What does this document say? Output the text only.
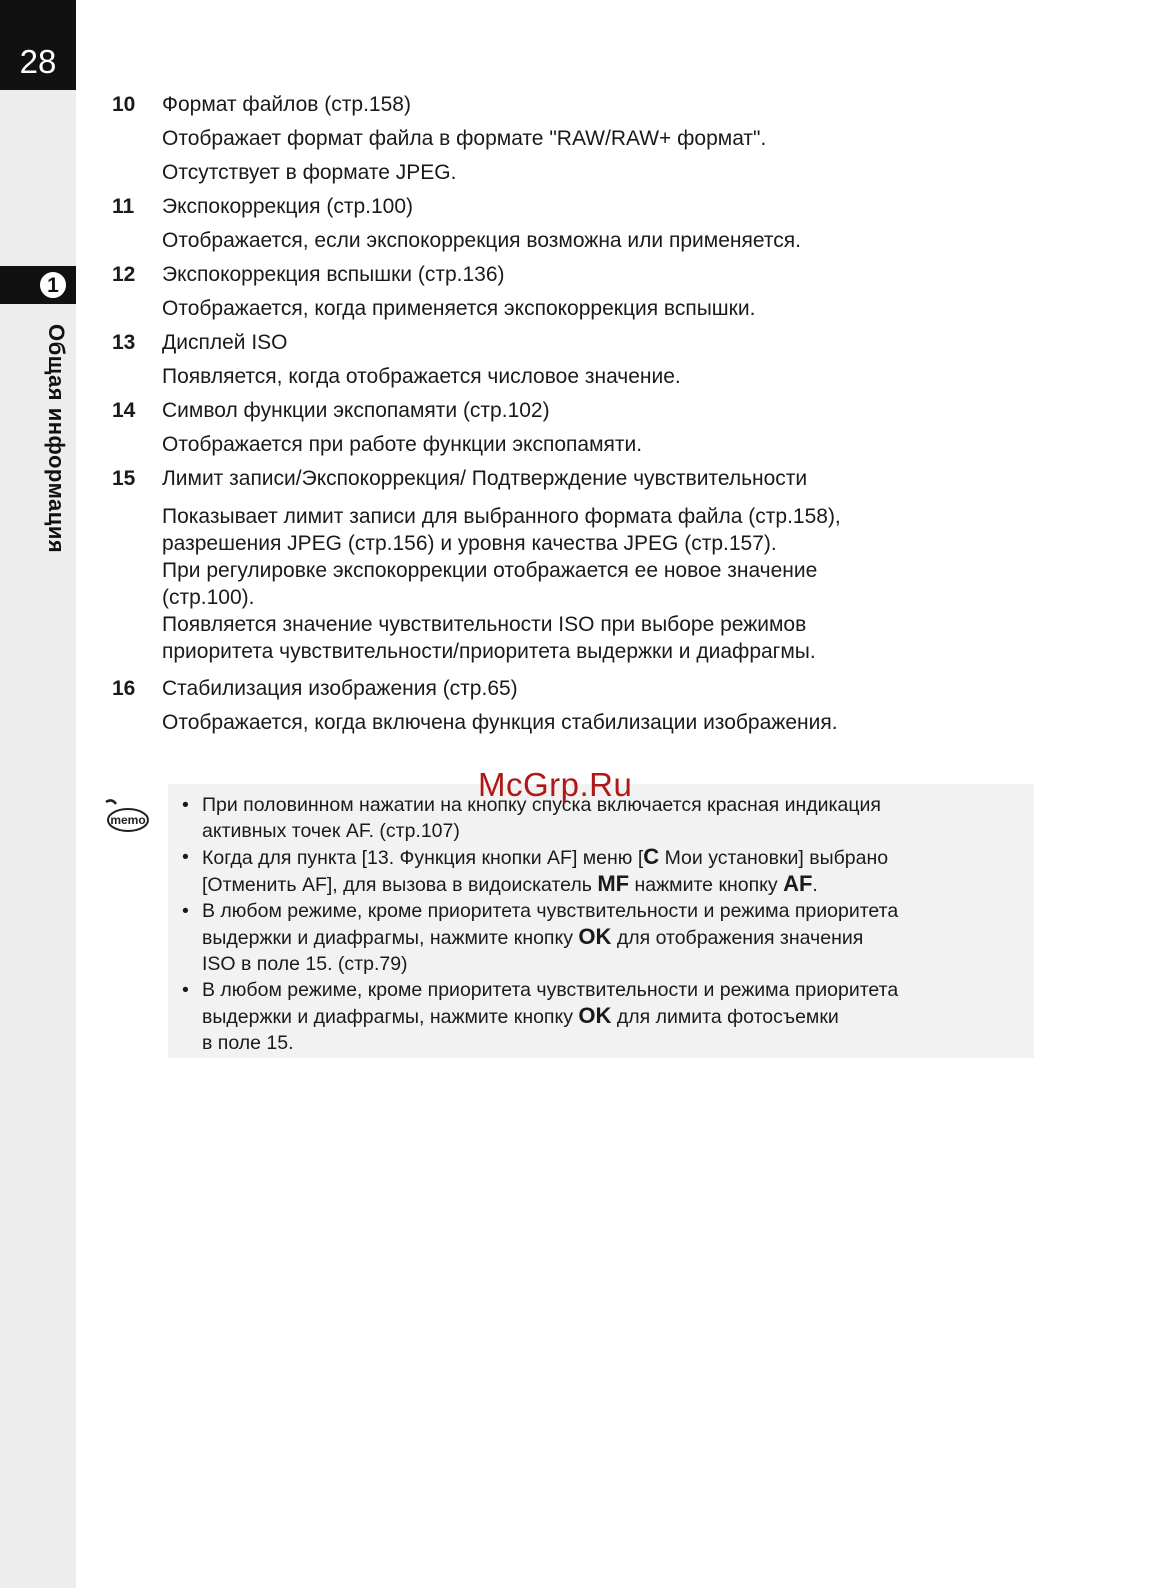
28
1
Общая информация
10 Формат файлов (стр.158)
Отображает формат файла в формате "RAW/RAW+ формат".
Отсутствует в формате JPEG.
11 Экспокоррекция (стр.100)
Отображается, если экспокоррекция возможна или применяется.
12 Экспокоррекция вспышки (стр.136)
Отображается, когда применяется экспокоррекция вспышки.
13 Дисплей ISO
Появляется, когда отображается числовое значение.
14 Символ функции экспопамяти (стр.102)
Отображается при работе функции экспопамяти.
15 Лимит записи/Экспокоррекция/ Подтверждение чувствительности
Показывает лимит записи для выбранного формата файла (стр.158),
разрешения JPEG (стр.156) и уровня качества JPEG (стр.157).
При регулировке экспокоррекции отображается ее новое значение
(стр.100).
Появляется значение чувствительности ISO при выборе режимов
приоритета чувствительности/приоритета выдержки и диафрагмы.
16 Стабилизация изображения (стр.65)
Отображается, когда включена функция стабилизации изображения.
memo
• При половинном нажатии на кнопку спуска включается красная индикация
активных точек AF. (стр.107)
• Когда для пункта [13. Функция кнопки AF] меню [C Мои установки] выбрано
[Отменить AF], для вызова в видоискатель MF нажмите кнопку AF.
• В любом режиме, кроме приоритета чувствительности и режима приоритета
выдержки и диафрагмы, нажмите кнопку OK для отображения значения
ISO в поле 15. (стр.79)
• В любом режиме, кроме приоритета чувствительности и режима приоритета
выдержки и диафрагмы, нажмите кнопку OK для лимита фотосъемки
в поле 15.
McGrp.Ru
